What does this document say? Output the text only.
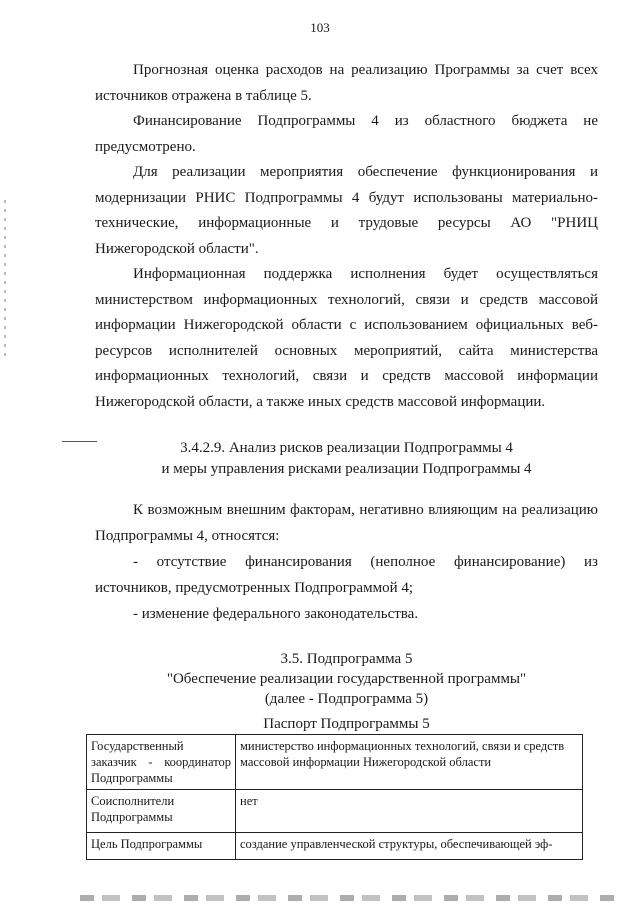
103

Прогнозная оценка расходов на реализацию Программы за счет всех источников отражена в таблице 5.

Финансирование Подпрограммы 4 из областного бюджета не предусмотрено.

Для реализации мероприятия обеспечение функционирования и модернизации РНИС Подпрограммы 4 будут использованы материально-технические, информационные и трудовые ресурсы АО "РНИЦ Нижегородской области".

Информационная поддержка исполнения будет осуществляться министерством информационных технологий, связи и средств массовой информации Нижегородской области с использованием официальных веб-ресурсов исполнителей основных мероприятий, сайта министерства информационных технологий, связи и средств массовой информации Нижегородской области, а также иных средств массовой информации.

3.4.2.9. Анализ рисков реализации Подпрограммы 4
и меры управления рисками реализации Подпрограммы 4

К возможным внешним факторам, негативно влияющим на реализацию Подпрограммы 4, относятся:

- отсутствие финансирования (неполное финансирование) из источников, предусмотренных Подпрограммой 4;

- изменение федерального законодательства.

3.5. Подпрограмма 5
"Обеспечение реализации государственной программы"
(далее - Подпрограмма 5)
Паспорт Подпрограммы 5
Государственный заказчик - координатор Подпрограммы	министерство информационных технологий, связи и средств массовой информации Нижегородской области
Соисполнители Подпрограммы	нет
Цель Подпрограммы	создание управленческой структуры, обеспечивающей эф-
